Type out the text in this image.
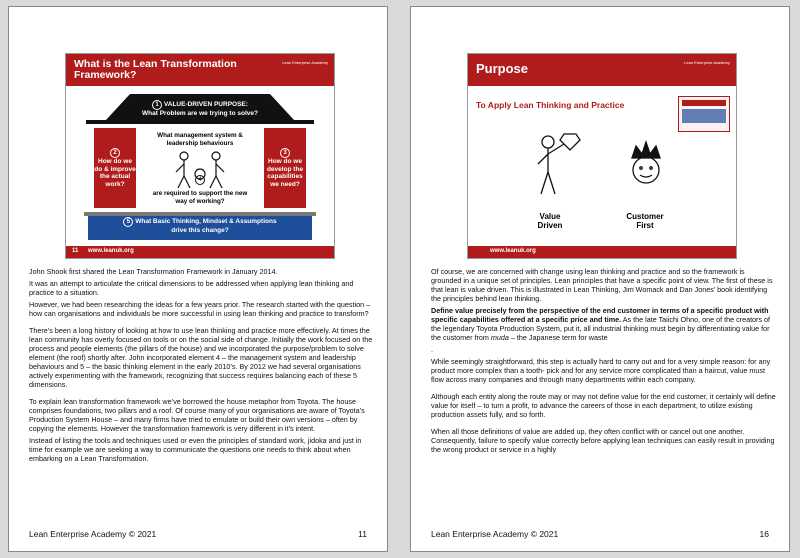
What is the Lean Transformation Framework?
Lean Enterprise Academy
1 VALUE-DRIVEN PURPOSE:
What Problem are we trying to solve?
2
How do we do & improve the actual work?
3
How do we develop the capabilities we need?
What management system & leadership behaviours
4
are required to support the new way of working?
5 What Basic Thinking, Mindset & Assumptions
drive this change?
11 www.leanuk.org

John Shook first shared the Lean Transformation Framework in January 2014.

It was an attempt to articulate the critical dimensions to be addressed when applying lean thinking and practice to a situation.

However, we had been researching the ideas for a few years prior. The research started with the question – how can organisations and individuals be more successful in using lean thinking and practice to transform?

There’s been a long history of looking at how to use lean thinking and practice more effectively. At times the lean community has overly focused on tools or on the social side of change. Initially the work focused on the process and people elements (the pillars of the house) and we incorporated the purpose/problem to solve element (the roof) shortly after. John incorporated element 4 – the management system and leadership behaviours and 5 – the basic thinking element in the early 2010’s. By 2012 we had several organisations actively experimenting with the framework, recognizing that success requires balancing each of these 5 dimensions.

To explain lean transformation framework we’ve borrowed the house metaphor from Toyota. The house comprises foundations, two pillars and a roof. Of course many of your organisations are aware of Toyota’s Production System House – and many firms have tried to emulate or build their own versions – often by copying the elements. However the transformation framework is very different in it’s intent.

Instead of listing the tools and techniques used or even the principles of standard work, jidoka and just in time for example we are seeking a way to communicate the questions one needs to think about when embarking on a Lean Transformation.

Lean Enterprise Academy © 2021	11
Purpose	Lean Enterprise Academy
To Apply Lean Thinking and Practice
CUSTOMER
Value
Driven
Customer
First
www.leanuk.org

Of course, we are concerned with change using lean thinking and practice and so the framework is grounded in a unique set of principles. Lean principles that have a specific point of view. The first of these is that lean is value driven. This is illustrated in Lean Thinking, Jim Womack and Dan Jones’ book identifying the principles behind lean thinking.

Define value precisely from the perspective of the end customer in terms of a specific product with specific capabilities offered at a specific price and time. As the late Taiichi Ohno, one of the creators of the legendary Toyota Production System, put it, all industrial thinking must begin by differentiating value for the customer from muda – the Japanese term for waste

.

While seemingly straightforward, this step is actually hard to carry out and for a very simple reason: for any product more complex than a tooth- pick and for any service more complicated than a haircut, value must flow across many companies and through many departments within each company.

Although each entity along the route may or may not define value for the end customer, it certainly will define value for itself – to turn a profit, to advance the careers of those in each department, to utilize existing production assets fully, and so forth.

When all those definitions of value are added up, they often conflict with or cancel out one another. Consequently, failure to specify value correctly before applying lean techniques can easily result in providing the wrong product or service in a highly

Lean Enterprise Academy © 2021	16
